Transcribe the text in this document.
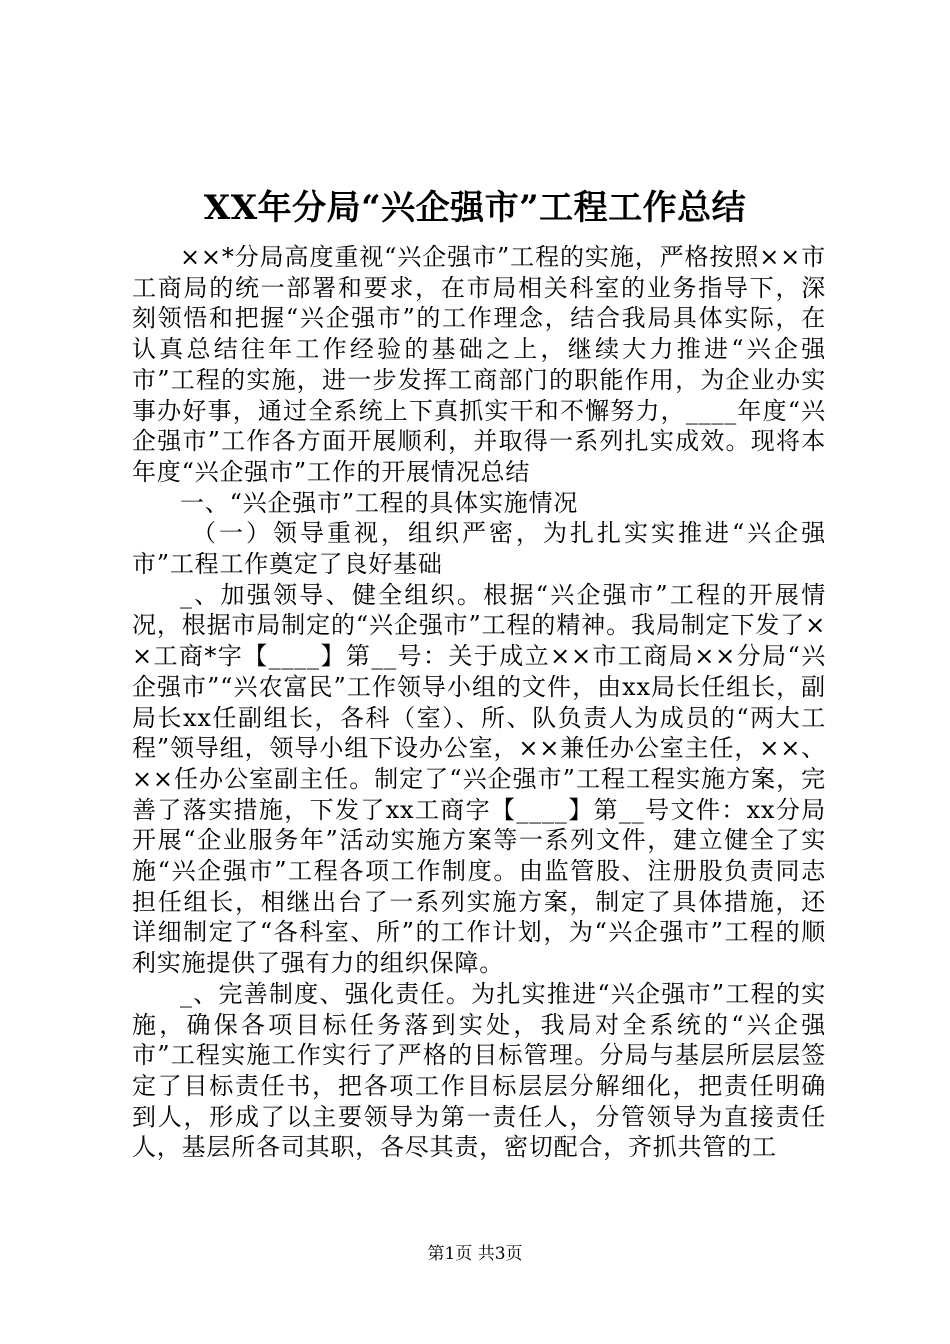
XX年分局“兴企强市”工程工作总结

××*分局高度重视“兴企强市”工程的实施，严格按照××市工商局的统一部署和要求，在市局相关科室的业务指导下，深刻领悟和把握“兴企强市”的工作理念，结合我局具体实际，在认真总结往年工作经验的基础之上，继续大力推进“兴企强市”工程的实施，进一步发挥工商部门的职能作用，为企业办实事办好事，通过全系统上下真抓实干和不懈努力，____年度“兴企强市”工作各方面开展顺利，并取得一系列扎实成效。现将本年度“兴企强市”工作的开展情况总结

一、“兴企强市”工程的具体实施情况

（一）领导重视，组织严密，为扎扎实实推进“兴企强市”工程工作奠定了良好基础

_、加强领导、健全组织。根据“兴企强市”工程的开展情况，根据市局制定的“兴企强市”工程的精神。我局制定下发了××工商*字【____】第__号：关于成立××市工商局××分局“兴企强市”“兴农富民”工作领导小组的文件，由xx局长任组长，副局长xx任副组长，各科（室）、所、队负责人为成员的“两大工程”领导组，领导小组下设办公室，××兼任办公室主任，××、××任办公室副主任。制定了“兴企强市”工程工程实施方案，完善了落实措施，下发了xx工商字【____】第__号文件：xx分局开展“企业服务年”活动实施方案等一系列文件，建立健全了实施“兴企强市”工程各项工作制度。由监管股、注册股负责同志担任组长，相继出台了一系列实施方案，制定了具体措施，还详细制定了“各科室、所”的工作计划，为“兴企强市”工程的顺利实施提供了强有力的组织保障。

_、完善制度、强化责任。为扎实推进“兴企强市”工程的实施，确保各项目标任务落到实处，我局对全系统的“兴企强市”工程实施工作实行了严格的目标管理。分局与基层所层层签定了目标责任书，把各项工作目标层层分解细化，把责任明确到人，形成了以主要领导为第一责任人，分管领导为直接责任人，基层所各司其职，各尽其责，密切配合，齐抓共管的工

第1页 共3页
